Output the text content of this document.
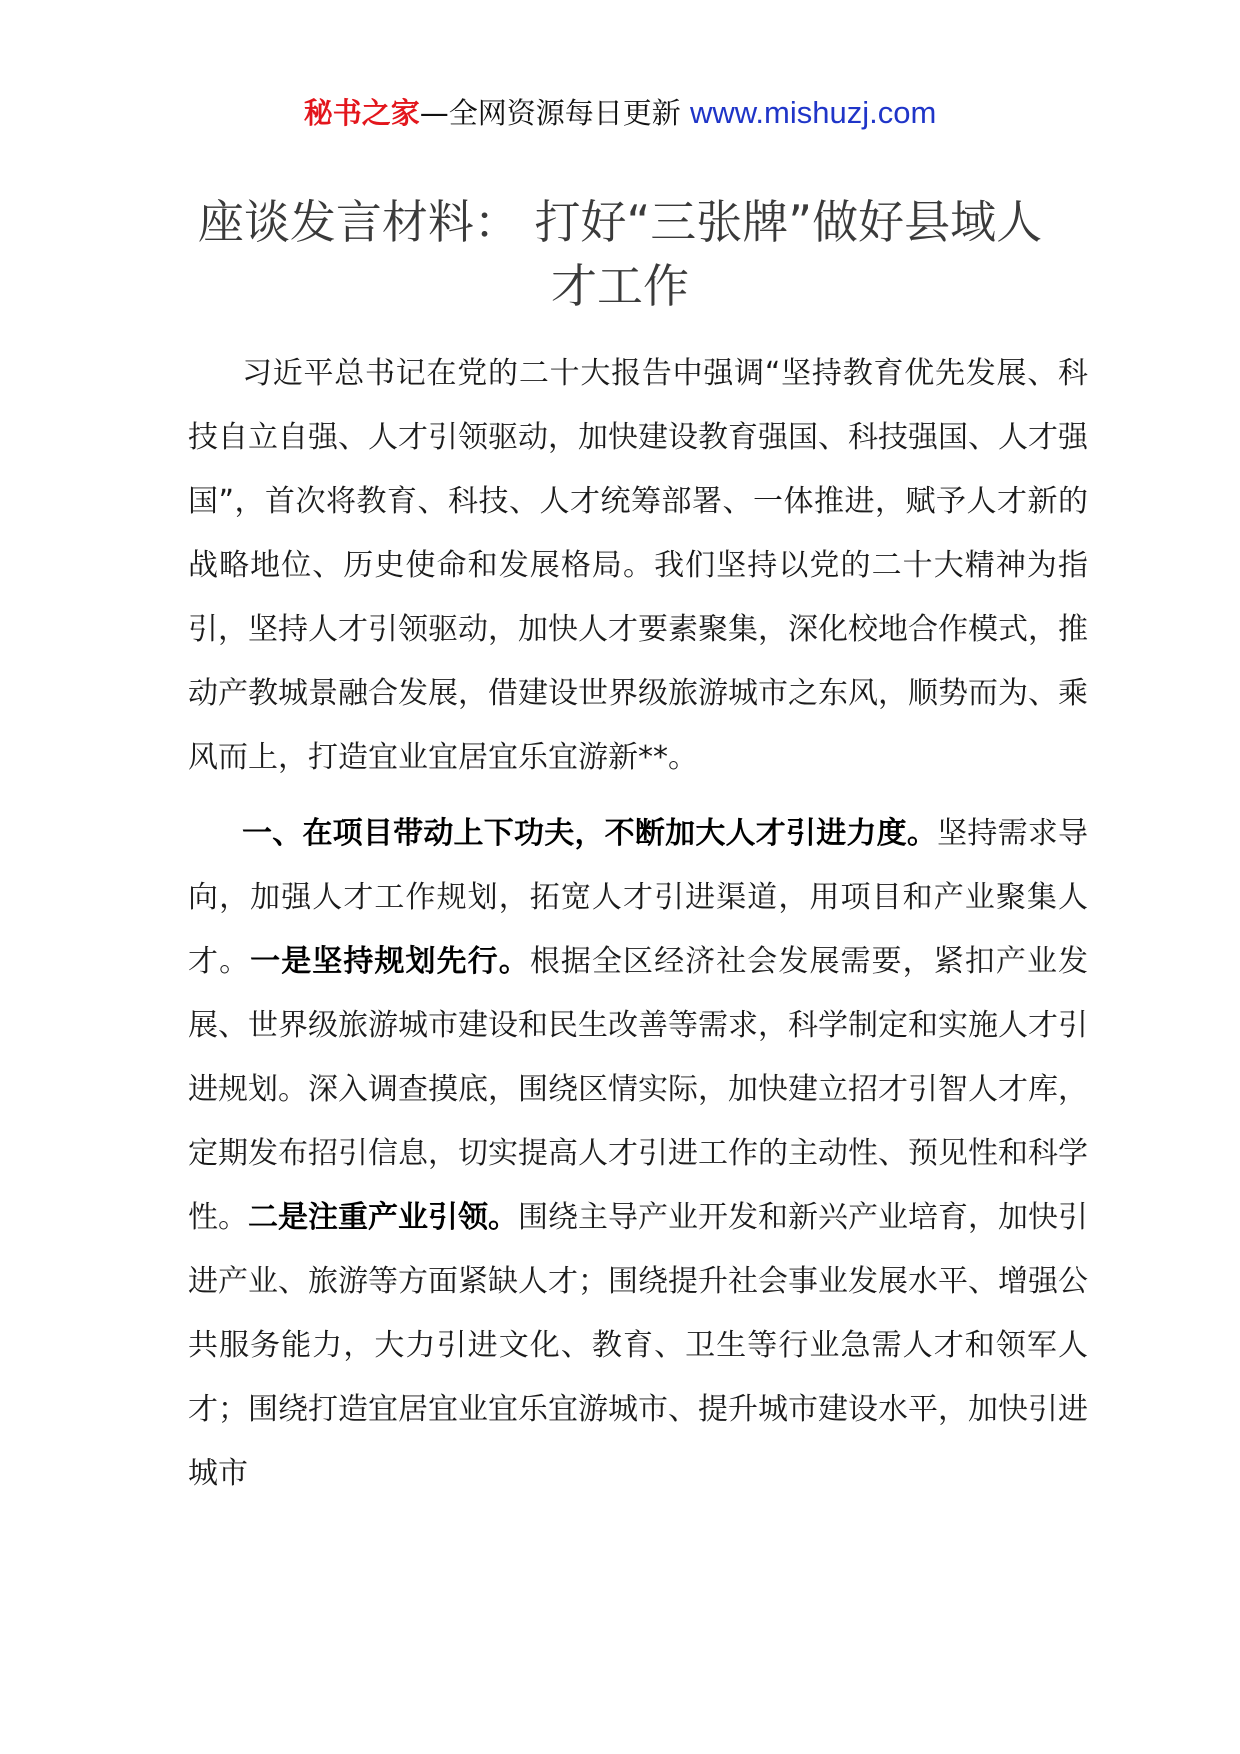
秘书之家—全网资源每日更新 www.mishuzj.com
座谈发言材料： 打好“三张牌”做好县域人才工作

习近平总书记在党的二十大报告中强调“坚持教育优先发展、科技自立自强、人才引领驱动，加快建设教育强国、科技强国、人才强国”，首次将教育、科技、人才统筹部署、一体推进，赋予人才新的战略地位、历史使命和发展格局。我们坚持以党的二十大精神为指引，坚持人才引领驱动，加快人才要素聚集，深化校地合作模式，推动产教城景融合发展，借建设世界级旅游城市之东风，顺势而为、乘风而上，打造宜业宜居宜乐宜游新**。

一、在项目带动上下功夫，不断加大人才引进力度。坚持需求导向，加强人才工作规划，拓宽人才引进渠道，用项目和产业聚集人才。一是坚持规划先行。根据全区经济社会发展需要，紧扣产业发展、世界级旅游城市建设和民生改善等需求，科学制定和实施人才引进规划。深入调查摸底，围绕区情实际，加快建立招才引智人才库，定期发布招引信息，切实提高人才引进工作的主动性、预见性和科学性。二是注重产业引领。围绕主导产业开发和新兴产业培育，加快引进产业、旅游等方面紧缺人才；围绕提升社会事业发展水平、增强公共服务能力，大力引进文化、教育、卫生等行业急需人才和领军人才；围绕打造宜居宜业宜乐宜游城市、提升城市建设水平，加快引进城市
